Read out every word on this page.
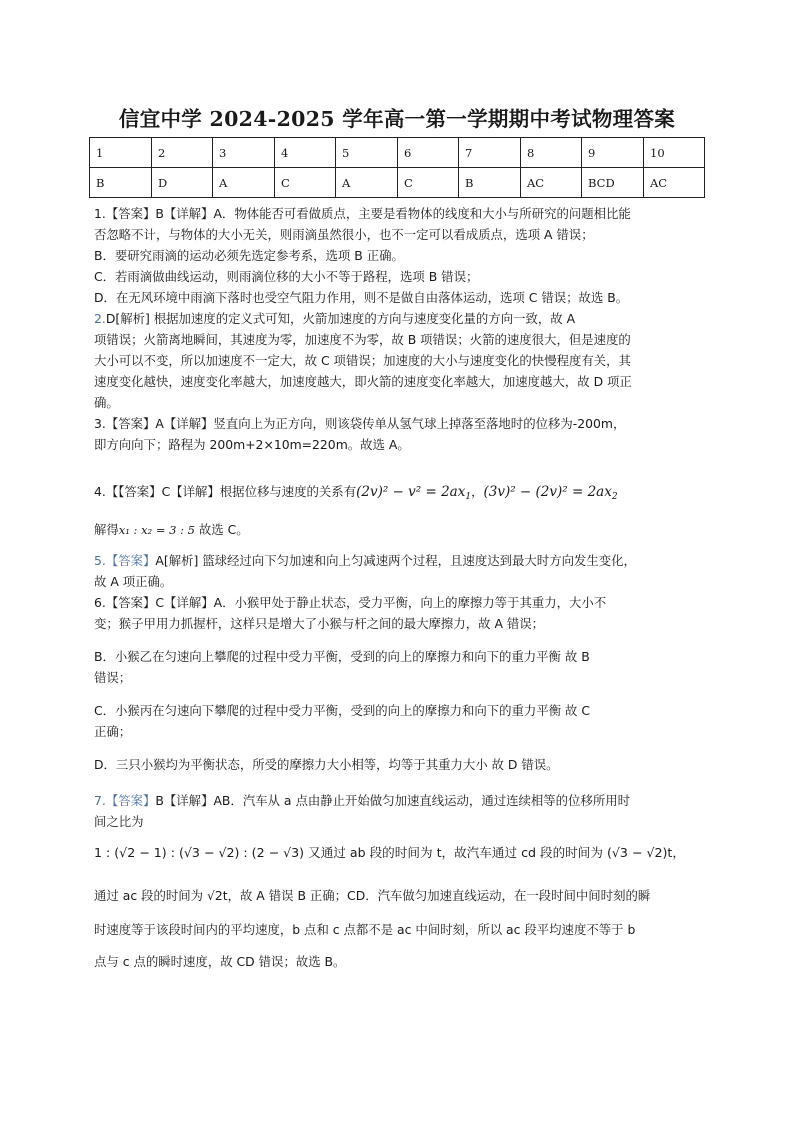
信宜中学 2024-2025 学年高一第一学期期中考试物理答案
1	2	3	4	5	6	7	8	9	10
B	D	A	C	A	C	B	AC	BCD	AC
1.【答案】B【详解】A．物体能否可看做质点，主要是看物体的线度和大小与所研究的问题相比能
否忽略不计，与物体的大小无关，则雨滴虽然很小，也不一定可以看成质点，选项 A 错误；
B．要研究雨滴的运动必须先选定参考系，选项 B 正确。
C．若雨滴做曲线运动，则雨滴位移的大小不等于路程，选项 B 错误；
D．在无风环境中雨滴下落时也受空气阻力作用，则不是做自由落体运动，选项 C 错误；故选 B。
2.D[解析] 根据加速度的定义式可知，火箭加速度的方向与速度变化量的方向一致，故 A
项错误；火箭离地瞬间，其速度为零，加速度不为零，故 B 项错误；火箭的速度很大，但是速度的
大小可以不变，所以加速度不一定大，故 C 项错误；加速度的大小与速度变化的快慢程度有关，其
速度变化越快，速度变化率越大，加速度越大，即火箭的速度变化率越大，加速度越大，故 D 项正
确。
3.【答案】A【详解】竖直向上为正方向，则该袋传单从氢气球上掉落至落地时的位移为-200m，
即方向向下；路程为 200m+2×10m=220m。故选 A。
4.【【答案】C【详解】根据位移与速度的关系有$(2v)^2 - v^2 = 2ax_1$，$(3v)^2 - (2v)^2 = 2ax_2$
解得x₁ : x₂ = 3 : 5 故选 C。
5.【答案】A[解析] 篮球经过向下匀加速和向上匀减速两个过程，且速度达到最大时方向发生变化，
故 A 项正确。
6.【答案】C【详解】A．小猴甲处于静止状态，受力平衡，向上的摩擦力等于其重力，大小不
变；猴子甲用力抓握杆，这样只是增大了小猴与杆之间的最大摩擦力，故 A 错误；
B．小猴乙在匀速向上攀爬的过程中受力平衡，受到的向上的摩擦力和向下的重力平衡 故 B
错误；
C．小猴丙在匀速向下攀爬的过程中受力平衡，受到的向上的摩擦力和向下的重力平衡 故 C
正确；
D．三只小猴均为平衡状态，所受的摩擦力大小相等，均等于其重力大小 故 D 错误。
7.【答案】B【详解】AB．汽车从 a 点由静止开始做匀加速直线运动，通过连续相等的位移所用时
间之比为
1 : (√2 − 1) : (√3 − √2) : (2 − √3) 又通过 ab 段的时间为 t，故汽车通过 cd 段的时间为 (√3 − √2)t，
通过 ac 段的时间为 √2t，故 A 错误 B 正确；CD．汽车做匀加速直线运动，在一段时间中间时刻的瞬
时速度等于该段时间内的平均速度，b 点和 c 点都不是 ac 中间时刻，所以 ac 段平均速度不等于 b
点与 c 点的瞬时速度，故 CD 错误；故选 B。
